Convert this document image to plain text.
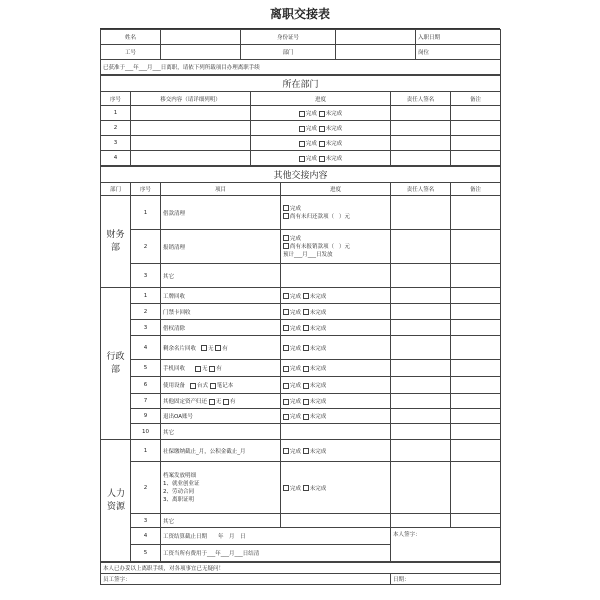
离职交接表
姓名		身份证号		入职日期
工号		部门		岗位
已获准于___年___月___日离职，请依下列所载项目办理离职手续				
所在部门				
序号	移交内容（请详细列明）	进度	责任人签名	备注
1		完成 未完成		
2		完成 未完成		
3		完成 未完成		
4		完成 未完成		
其他交接内容					
部门	序号	项目	进度	责任人签名	备注
财务部	1	借款清理	完成
尚有未归还款项（ ）元		

	2	报销清理	完成
尚有未报销款项（ ）元
预计___月___日发放		

	3	其它			
行政部	1	工牌回收	完成 未完成		
	2	门禁卡回收	完成 未完成		
	3	借权清除	完成 未完成		
	4	剩余名片回收 无 有	完成 未完成		
	5	手机回收 无 有	完成 未完成		
	6	使用设备 台式 笔记本	完成 未完成		
	7	其他固定资产归还 无 有	完成 未完成		
	9	退出OA账号	完成 未完成		
	10	其它			

人力资源	1	社保缴纳截止_月，公积金截止_月	完成 未完成		
	2	档案发放明细
1、就业创业证
2、劳动合同
3、离职证明	完成 未完成		
	3	其它			
	4	工资结算截止日期　　年　月　日		本人签字：	
	5	工资当所有费用于___年___月___日结清			
本人已办妥以上离职手续，对各项事宜已无疑问！
员工签字：	日期：
